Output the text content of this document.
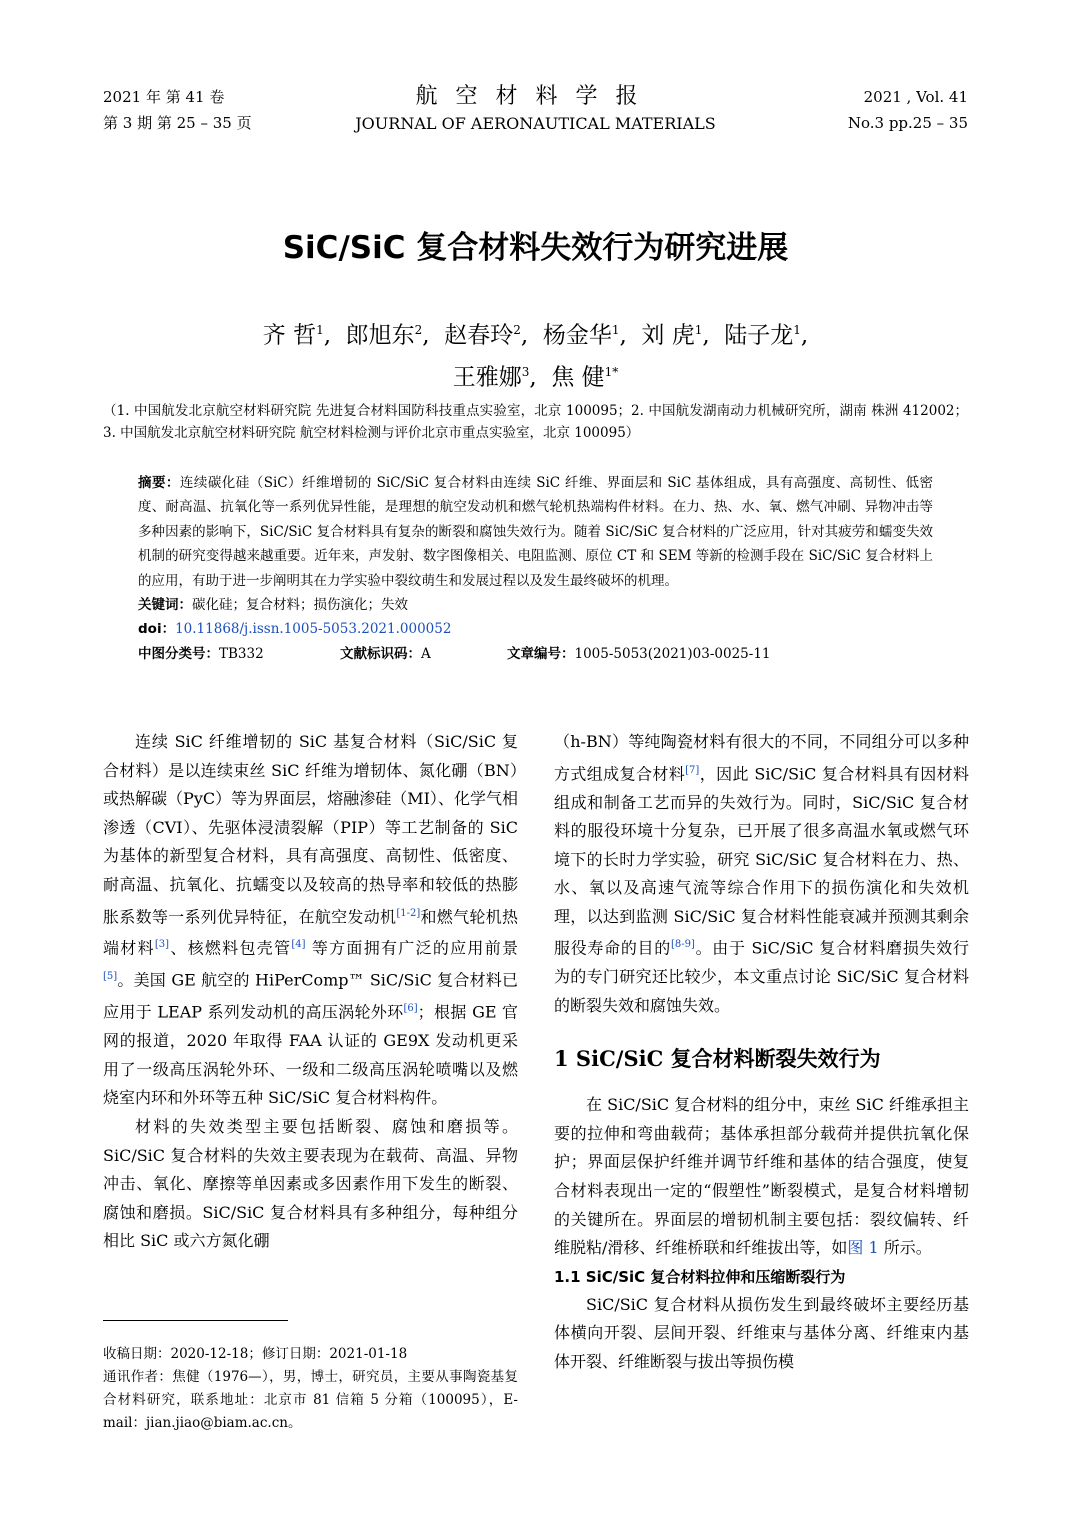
2021 年 第 41 卷
第 3 期 第 25 – 35 页
航空材料学报
JOURNAL OF AERONAUTICAL MATERIALS
2021 , Vol. 41
No.3 pp.25 – 35
SiC/SiC 复合材料失效行为研究进展
齐 哲$^1$,  郎旭东$^2$,  赵春玲$^2$,  杨金华$^1$,  刘 虎$^1$,  陆子龙$^1$,
王雅娜$^3$,  焦 健$^{1*}$
（1. 中国航发北京航空材料研究院 先进复合材料国防科技重点实验室，北京 100095；2. 中国航发湖南动力机械研究所，湖南 株洲 412002；3. 中国航发北京航空材料研究院 航空材料检测与评价北京市重点实验室，北京 100095）

摘要：连续碳化硅（SiC）纤维增韧的 SiC/SiC 复合材料由连续 SiC 纤维、界面层和 SiC 基体组成，具有高强度、高韧性、低密度、耐高温、抗氧化等一系列优异性能，是理想的航空发动机和燃气轮机热端构件材料。在力、热、水、氧、燃气冲刷、异物冲击等多种因素的影响下，SiC/SiC 复合材料具有复杂的断裂和腐蚀失效行为。随着 SiC/SiC 复合材料的广泛应用，针对其疲劳和蠕变失效机制的研究变得越来越重要。近年来，声发射、数字图像相关、电阻监测、原位 CT 和 SEM 等新的检测手段在 SiC/SiC 复合材料上的应用，有助于进一步阐明其在力学实验中裂纹萌生和发展过程以及发生最终破坏的机理。

关键词：碳化硅；复合材料；损伤演化；失效

doi：10.11868/j.issn.1005-5053.2021.000052

中图分类号：TB332	文献标识码：A	文章编号：1005-5053(2021)03-0025-11

连续 SiC 纤维增韧的 SiC 基复合材料（SiC/SiC 复合材料）是以连续束丝 SiC 纤维为增韧体、氮化硼（BN）或热解碳（PyC）等为界面层，熔融渗硅（MI）、化学气相渗透（CVI）、先驱体浸渍裂解（PIP）等工艺制备的 SiC 为基体的新型复合材料，具有高强度、高韧性、低密度、耐高温、抗氧化、抗蠕变以及较高的热导率和较低的热膨胀系数等一系列优异特征，在航空发动机[1-2]和燃气轮机热端材料[3]、核燃料包壳管[4] 等方面拥有广泛的应用前景[5]。美国 GE 航空的 HiPerComp™ SiC/SiC 复合材料已应用于 LEAP 系列发动机的高压涡轮外环[6]；根据 GE 官网的报道，2020 年取得 FAA 认证的 GE9X 发动机更采用了一级高压涡轮外环、一级和二级高压涡轮喷嘴以及燃烧室内环和外环等五种 SiC/SiC 复合材料构件。

材料的失效类型主要包括断裂、腐蚀和磨损等。SiC/SiC 复合材料的失效主要表现为在载荷、高温、异物冲击、氧化、摩擦等单因素或多因素作用下发生的断裂、腐蚀和磨损。SiC/SiC 复合材料具有多种组分，每种组分相比 SiC 或六方氮化硼

（h-BN）等纯陶瓷材料有很大的不同，不同组分可以多种方式组成复合材料[7]，因此 SiC/SiC 复合材料具有因材料组成和制备工艺而异的失效行为。同时，SiC/SiC 复合材料的服役环境十分复杂，已开展了很多高温水氧或燃气环境下的长时力学实验，研究 SiC/SiC 复合材料在力、热、水、氧以及高速气流等综合作用下的损伤演化和失效机理，以达到监测 SiC/SiC 复合材料性能衰减并预测其剩余服役寿命的目的[8-9]。由于 SiC/SiC 复合材料磨损失效行为的专门研究还比较少，本文重点讨论 SiC/SiC 复合材料的断裂失效和腐蚀失效。

1 SiC/SiC 复合材料断裂失效行为

在 SiC/SiC 复合材料的组分中，束丝 SiC 纤维承担主要的拉伸和弯曲载荷；基体承担部分载荷并提供抗氧化保护；界面层保护纤维并调节纤维和基体的结合强度，使复合材料表现出一定的“假塑性”断裂模式，是复合材料增韧的关键所在。界面层的增韧机制主要包括：裂纹偏转、纤维脱粘/滑移、纤维桥联和纤维拔出等，如图 1 所示。

1.1 SiC/SiC 复合材料拉伸和压缩断裂行为

SiC/SiC 复合材料从损伤发生到最终破坏主要经历基体横向开裂、层间开裂、纤维束与基体分离、纤维束内基体开裂、纤维断裂与拔出等损伤模

收稿日期：2020-12-18；修订日期：2021-01-18

通讯作者：焦健（1976—），男，博士，研究员，主要从事陶瓷基复合材料研究，联系地址：北京市 81 信箱 5 分箱（100095），E-mail：jian.jiao@biam.ac.cn。
